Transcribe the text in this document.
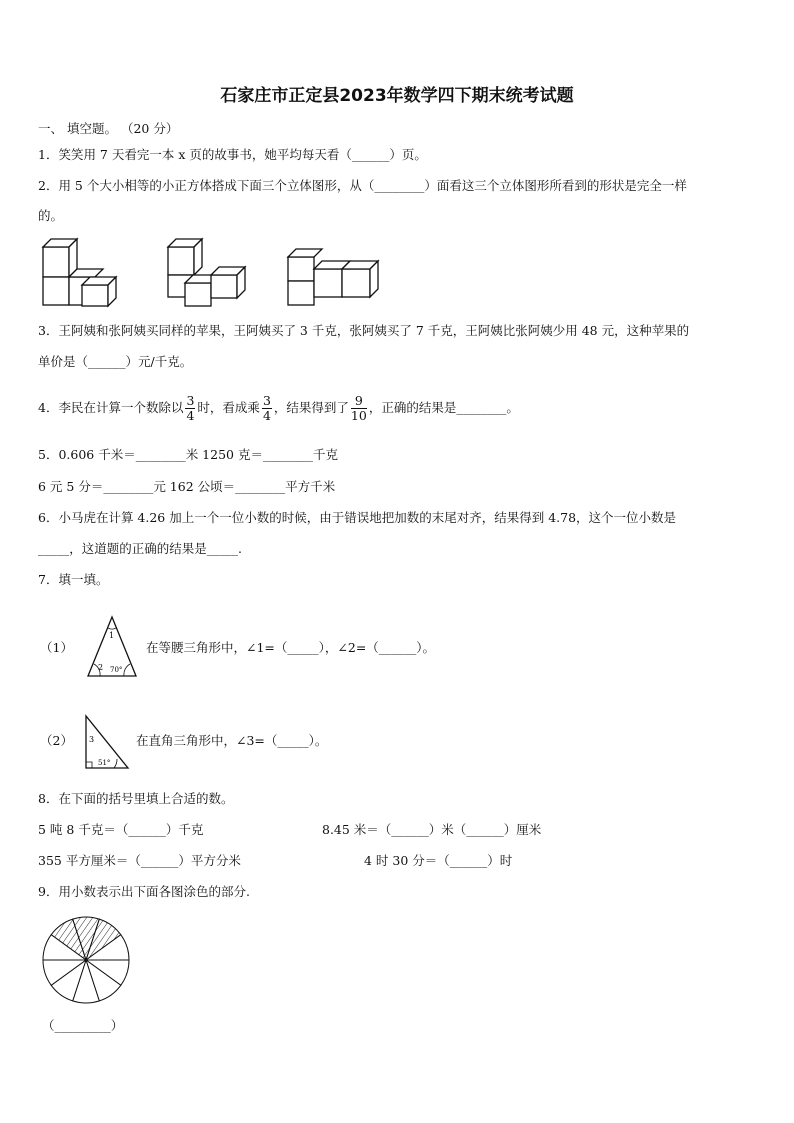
石家庄市正定县2023年数学四下期末统考试题
一、 填空题。 （20 分）
1．笑笑用 7 天看完一本 x 页的故事书，她平均每天看（______）页。
2．用 5 个大小相等的小正方体搭成下面三个立体图形，从（________）面看这三个立体图形所看到的形状是完全一样
的。
3．王阿姨和张阿姨买同样的苹果，王阿姨买了 3 千克，张阿姨买了 7 千克，王阿姨比张阿姨少用 48 元，这种苹果的
单价是（______）元/千克。
4．李民在计算一个数除以 $\frac{3}{4}$ 时，看成乘 $\frac{3}{4}$ ，结果得到了 $\frac{9}{10}$ ，正确的结果是________。
5．0.606 千米＝________米 1250 克＝________千克
6 元 5 分＝________元 162 公顷＝________平方千米
6．小马虎在计算 4.26 加上一个一位小数的时候，由于错误地把加数的末尾对齐，结果得到 4.78，这个一位小数是
_____，这道题的正确的结果是_____.
7．填一填。
（1）
1
2 70°
在等腰三角形中，∠1=（_____），∠2=（______）。
（2） 3
51°
在直角三角形中，∠3=（_____）。
8．在下面的括号里填上合适的数。
5 吨 8 千克＝（______）千克	8.45 米＝（______）米（______）厘米
355 平方厘米＝（______）平方分米	4 时 30 分＝（______）时
9．用小数表示出下面各图涂色的部分.
（_________）
